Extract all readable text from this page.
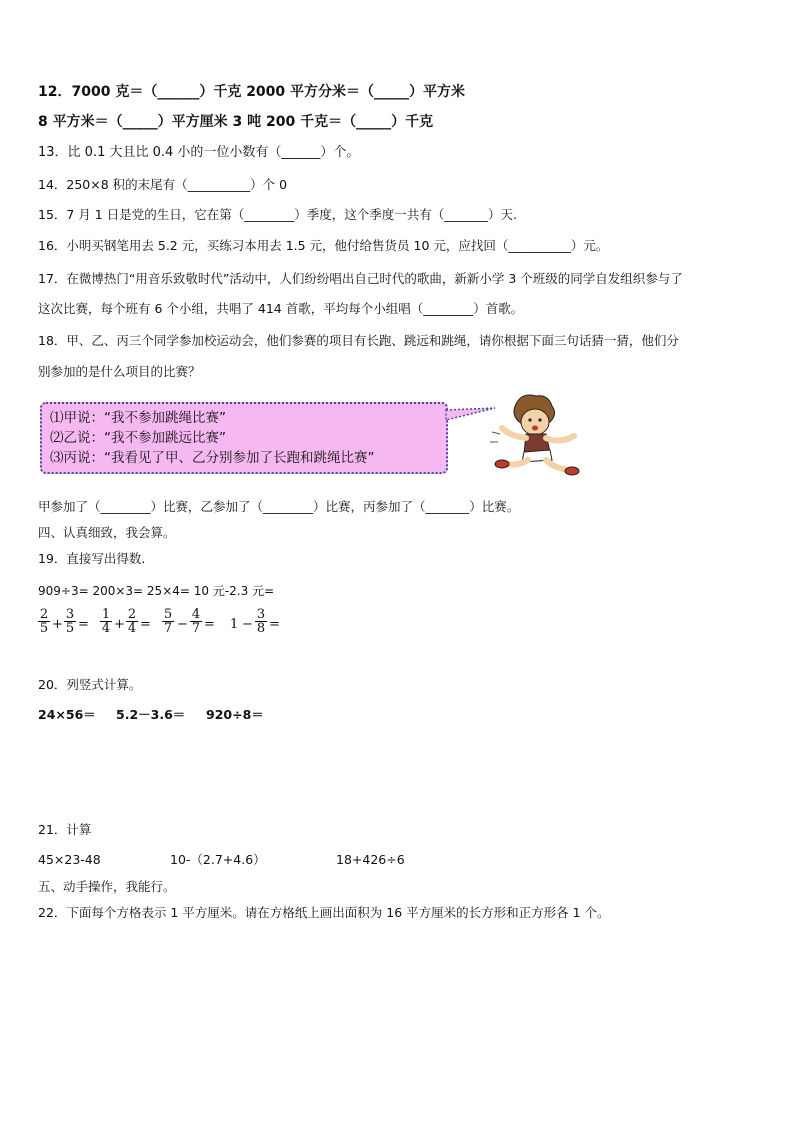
12．7000 克＝（______）千克 2000 平方分米＝（_____）平方米
8 平方米＝（_____）平方厘米 3 吨 200 千克＝（_____）千克
13．比 0.1 大且比 0.4 小的一位小数有（______）个。
14．250×8 积的末尾有（__________）个 0
15．7 月 1 日是党的生日，它在第（________）季度，这个季度一共有（_______）天.
16．小明买钢笔用去 5.2 元，买练习本用去 1.5 元，他付给售货员 10 元，应找回（__________）元。
17．在微博热门“用音乐致敬时代”活动中，人们纷纷唱出自己时代的歌曲，新新小学 3 个班级的同学自发组织参与了
这次比赛，每个班有 6 个小组，共唱了 414 首歌，平均每个小组唱（________）首歌。
18．甲、乙、丙三个同学参加校运动会，他们参赛的项目有长跑、跳远和跳绳，请你根据下面三句话猜一猜，他们分
别参加的是什么项目的比赛？
⑴甲说：“我不参加跳绳比赛”
⑵乙说：“我不参加跳远比赛”
⑶丙说：“我看见了甲、乙分别参加了长跑和跳绳比赛”
甲参加了（________）比赛，乙参加了（________）比赛，丙参加了（_______）比赛。
四、认真细致，我会算。
19．直接写出得数.
909÷3= 200×3= 25×4= 10 元-2.3 元=
$\frac{2}{5} + \frac{3}{5} = \frac{1}{4} + \frac{2}{4} = \frac{5}{7} - \frac{4}{7} = 1 - \frac{3}{8}$ =
20．列竖式计算。
24×56＝ 5.2－3.6＝ 920÷8＝
21．计算
45×23-48	10-（2.7+4.6）	18+426÷6
五、动手操作，我能行。
22．下面每个方格表示 1 平方厘米。请在方格纸上画出面积为 16 平方厘米的长方形和正方形各 1 个。
